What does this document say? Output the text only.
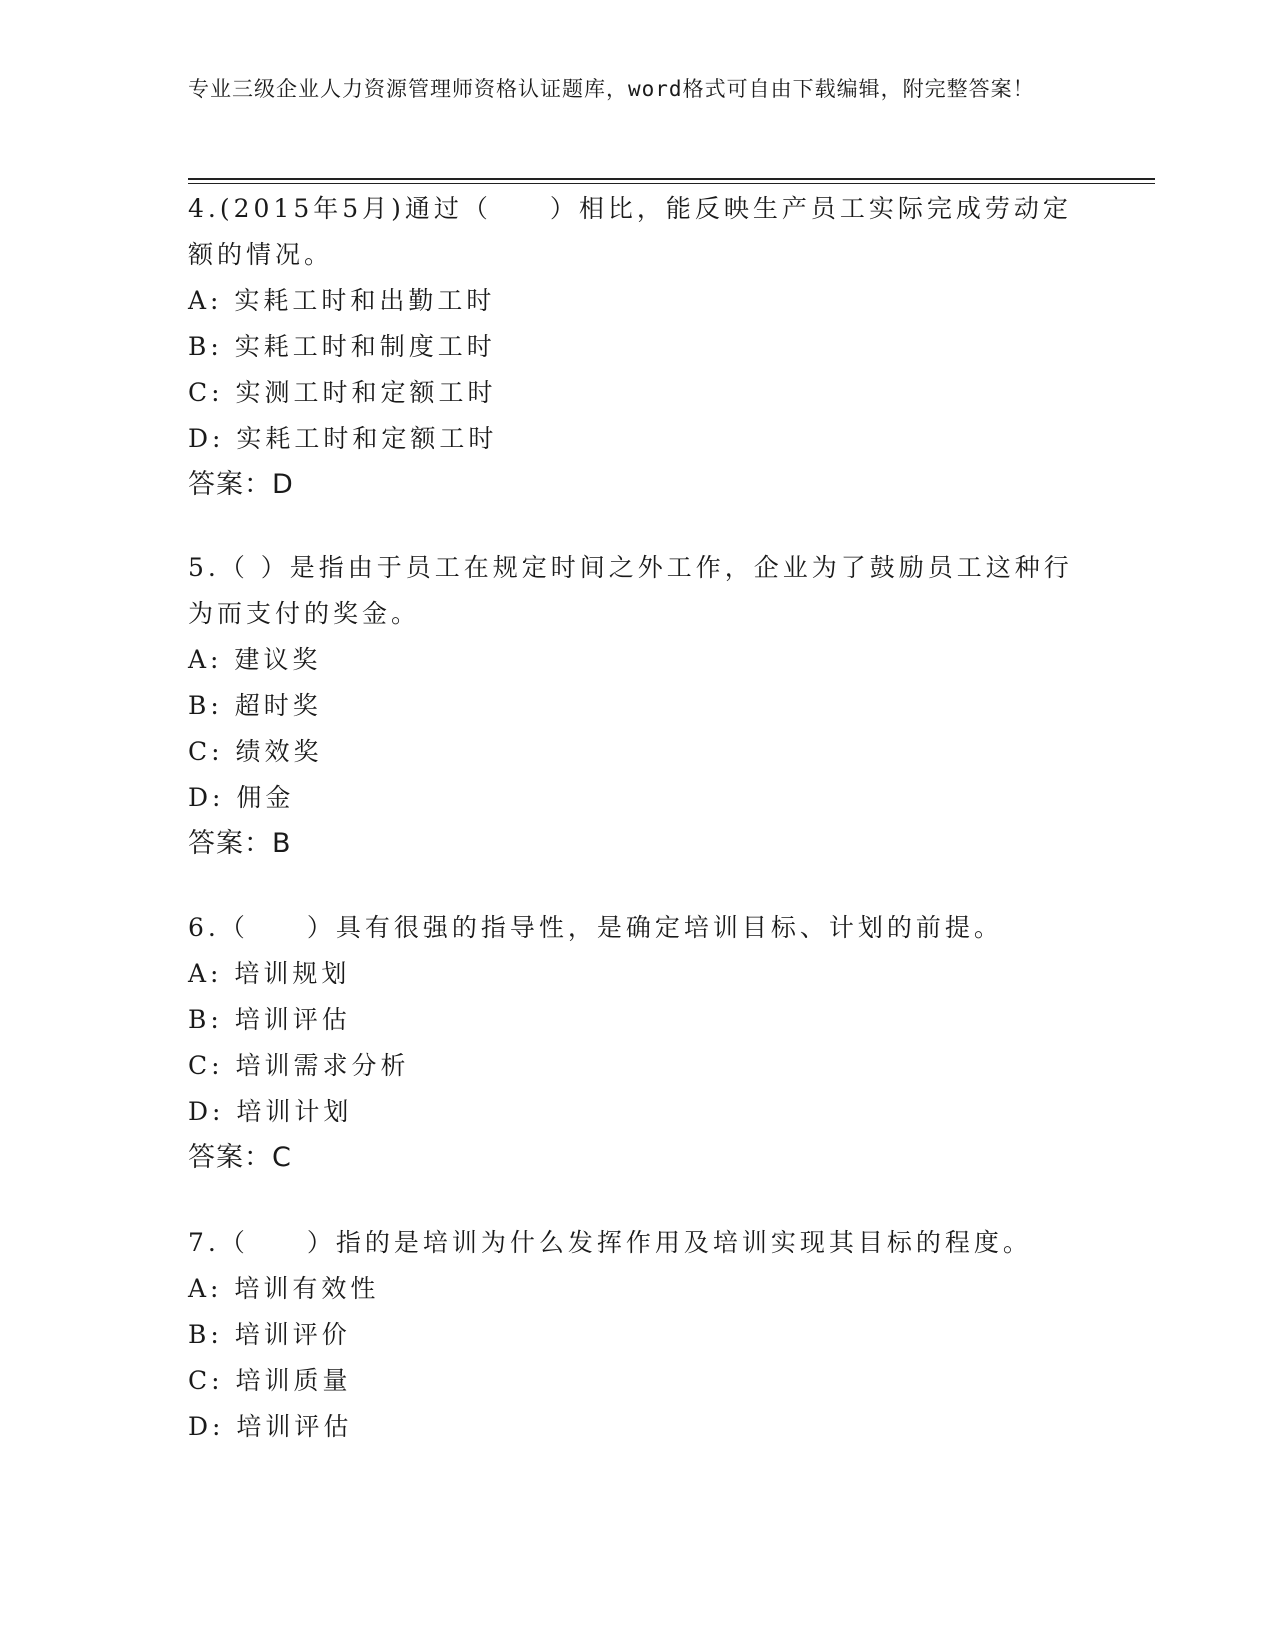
专业三级企业人力资源管理师资格认证题库，word格式可自由下载编辑，附完整答案！

4.(2015年5月)通过（　　）相比，能反映生产员工实际完成劳动定额的情况。

A: 实耗工时和出勤工时

B: 实耗工时和制度工时

C: 实测工时和定额工时

D: 实耗工时和定额工时

答案：D

5.（ ）是指由于员工在规定时间之外工作，企业为了鼓励员工这种行为而支付的奖金。

A: 建议奖

B: 超时奖

C: 绩效奖

D: 佣金

答案：B

6.（　　）具有很强的指导性，是确定培训目标、计划的前提。

A: 培训规划

B: 培训评估

C: 培训需求分析

D: 培训计划

答案：C

7.（　　）指的是培训为什么发挥作用及培训实现其目标的程度。

A: 培训有效性

B: 培训评价

C: 培训质量

D: 培训评估
